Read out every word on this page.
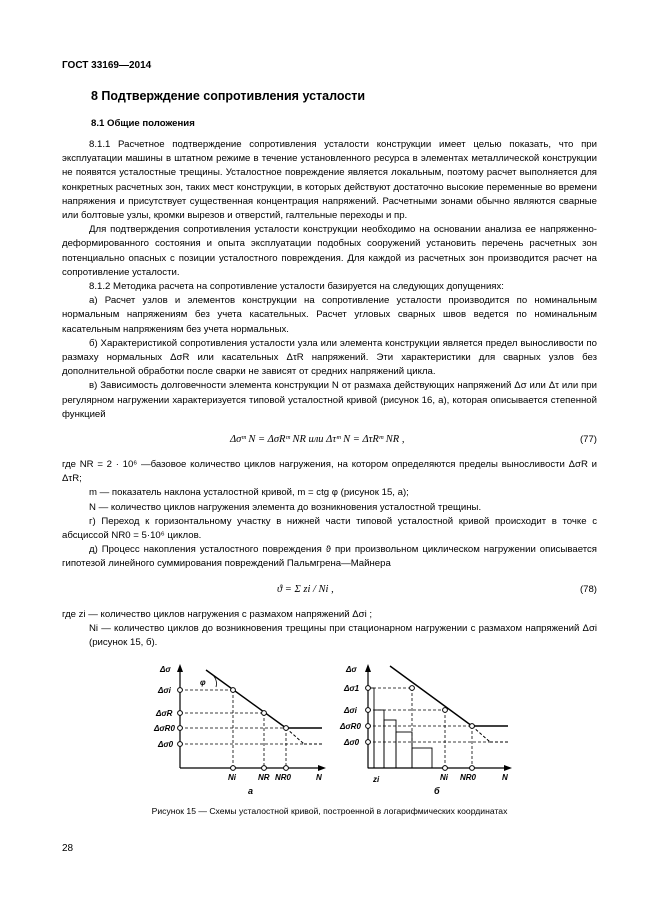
ГОСТ 33169—2014
8 Подтверждение сопротивления усталости
8.1 Общие положения

8.1.1 Расчетное подтверждение сопротивления усталости конструкции имеет целью показать, что при эксплуатации машины в штатном режиме в течение установленного ресурса в элементах металлической конструкции не появятся усталостные трещины. Усталостное повреждение является локальным, поэтому расчет выполняется для конкретных расчетных зон, таких мест конструкции, в которых действуют достаточно высокие переменные во времени напряжения и присутствует существенная концентрация напряжений. Расчетными зонами обычно являются сварные или болтовые узлы, кромки вырезов и отверстий, галтельные переходы и пр.

Для подтверждения сопротивления усталости конструкции необходимо на основании анализа ее напряженно-деформированного состояния и опыта эксплуатации подобных сооружений установить перечень расчетных зон потенциально опасных с позиции усталостного повреждения. Для каждой из расчетных зон производится расчет на сопротивление усталости.

8.1.2 Методика расчета на сопротивление усталости базируется на следующих допущениях:

а) Расчет узлов и элементов конструкции на сопротивление усталости производится по номинальным нормальным напряжениям без учета касательных. Расчет угловых сварных швов ведется по номинальным касательным напряжениям без учета нормальных.

б) Характеристикой сопротивления усталости узла или элемента конструкции является предел выносливости по размаху нормальных ΔσR или касательных ΔτR напряжений. Эти характеристики для сварных узлов без дополнительной обработки после сварки не зависят от средних напряжений цикла.

в) Зависимость долговечности элемента конструкции N от размаха действующих напряжений Δσ или Δτ или при регулярном нагружении характеризуется типовой усталостной кривой (рисунок 16, а), которая описывается степенной функцией

Δσᵐ N = ΔσRᵐ NR или Δτᵐ N = ΔτRᵐ NR ,	(77)

где NR = 2 · 10⁶ —базовое количество циклов нагружения, на котором определяются пределы выносливости ΔσR и ΔτR;

m — показатель наклона усталостной кривой, m = ctg φ (рисунок 15, а);

N — количество циклов нагружения элемента до возникновения усталостной трещины.

г) Переход к горизонтальному участку в нижней части типовой усталостной кривой происходит в точке с абсциссой NR0 = 5·10⁶ циклов.

д) Процесс накопления усталостного повреждения ϑ при произвольном циклическом нагружении описывается гипотезой линейного суммирования повреждений Пальмгрена—Майнера

ϑ = Σ zi / Ni ,	(78)

где zi — количество циклов нагружения с размахом напряжений Δσi ;

Ni — количество циклов до возникновения трещины при стационарном нагружении с размахом напряжений Δσi (рисунок 15, б).

φ
Δσ
Δσi
ΔσR
ΔσR0
Δσ0
Ni	NR NR0	N
а
Δσ
Δσ1
Δσi
ΔσR0
Δσ0
zi	Ni NR0	N
б
Рисунок 15 — Схемы усталостной кривой, построенной в логарифмических координатах
28
